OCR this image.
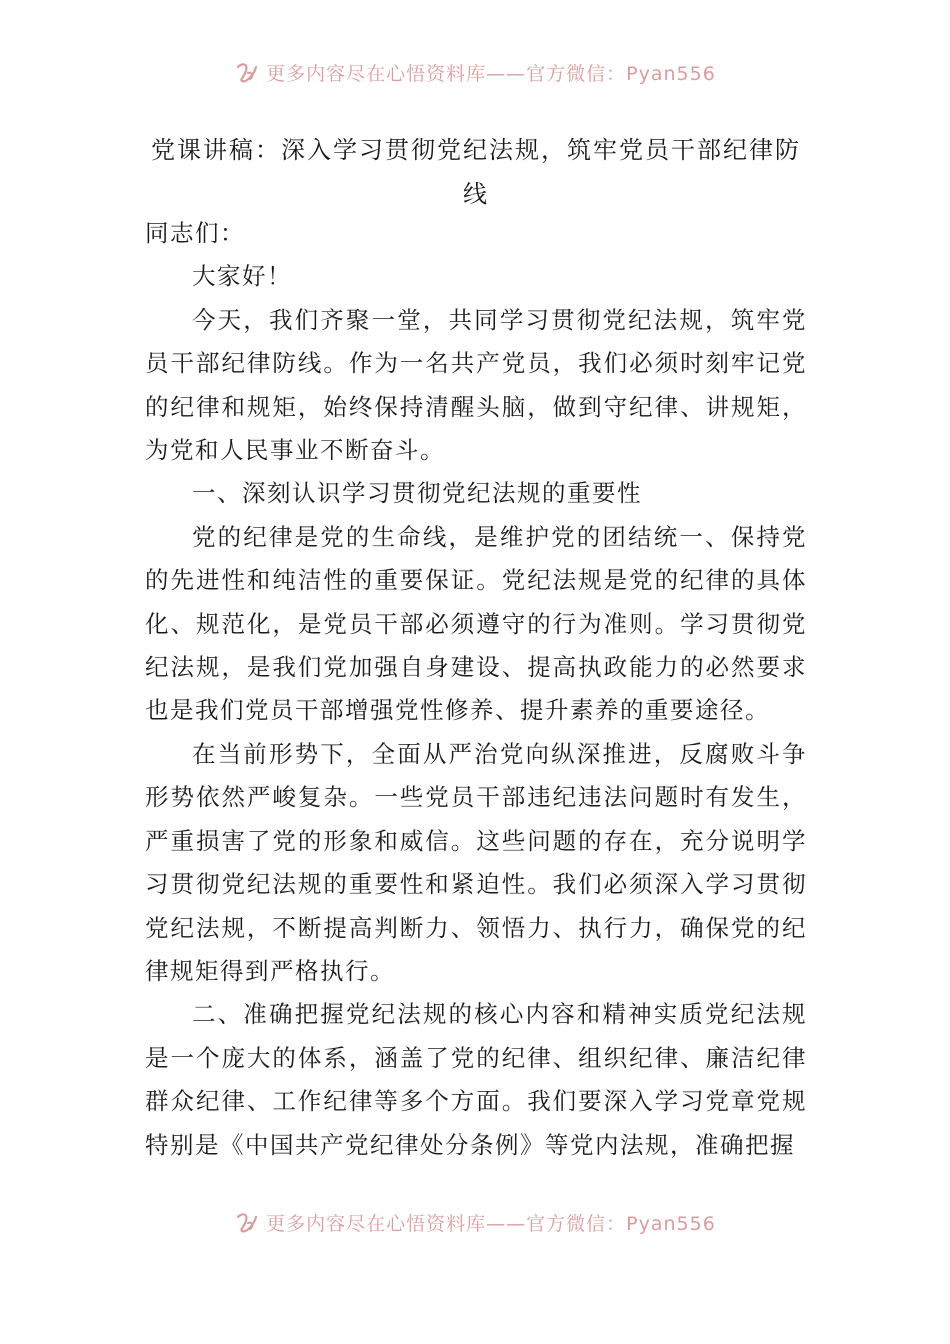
更多内容尽在心悟资料库——官方微信：Pyan556
党课讲稿：深入学习贯彻党纪法规，筑牢党员干部纪律防线

同志们：

大家好！

今天，我们齐聚一堂，共同学习贯彻党纪法规，筑牢党员干部纪律防线。作为一名共产党员，我们必须时刻牢记党的纪律和规矩，始终保持清醒头脑，做到守纪律、讲规矩，为党和人民事业不断奋斗。

一、深刻认识学习贯彻党纪法规的重要性

党的纪律是党的生命线，是维护党的团结统一、保持党的先进性和纯洁性的重要保证。党纪法规是党的纪律的具体化、规范化，是党员干部必须遵守的行为准则。学习贯彻党纪法规，是我们党加强自身建设、提高执政能力的必然要求也是我们党员干部增强党性修养、提升素养的重要途径。

在当前形势下，全面从严治党向纵深推进，反腐败斗争形势依然严峻复杂。一些党员干部违纪违法问题时有发生，严重损害了党的形象和威信。这些问题的存在，充分说明学习贯彻党纪法规的重要性和紧迫性。我们必须深入学习贯彻党纪法规，不断提高判断力、领悟力、执行力，确保党的纪律规矩得到严格执行。

二、准确把握党纪法规的核心内容和精神实质党纪法规是一个庞大的体系，涵盖了党的纪律、组织纪律、廉洁纪律群众纪律、工作纪律等多个方面。我们要深入学习党章党规特别是《中国共产党纪律处分条例》等党内法规，准确把握

更多内容尽在心悟资料库——官方微信：Pyan556
